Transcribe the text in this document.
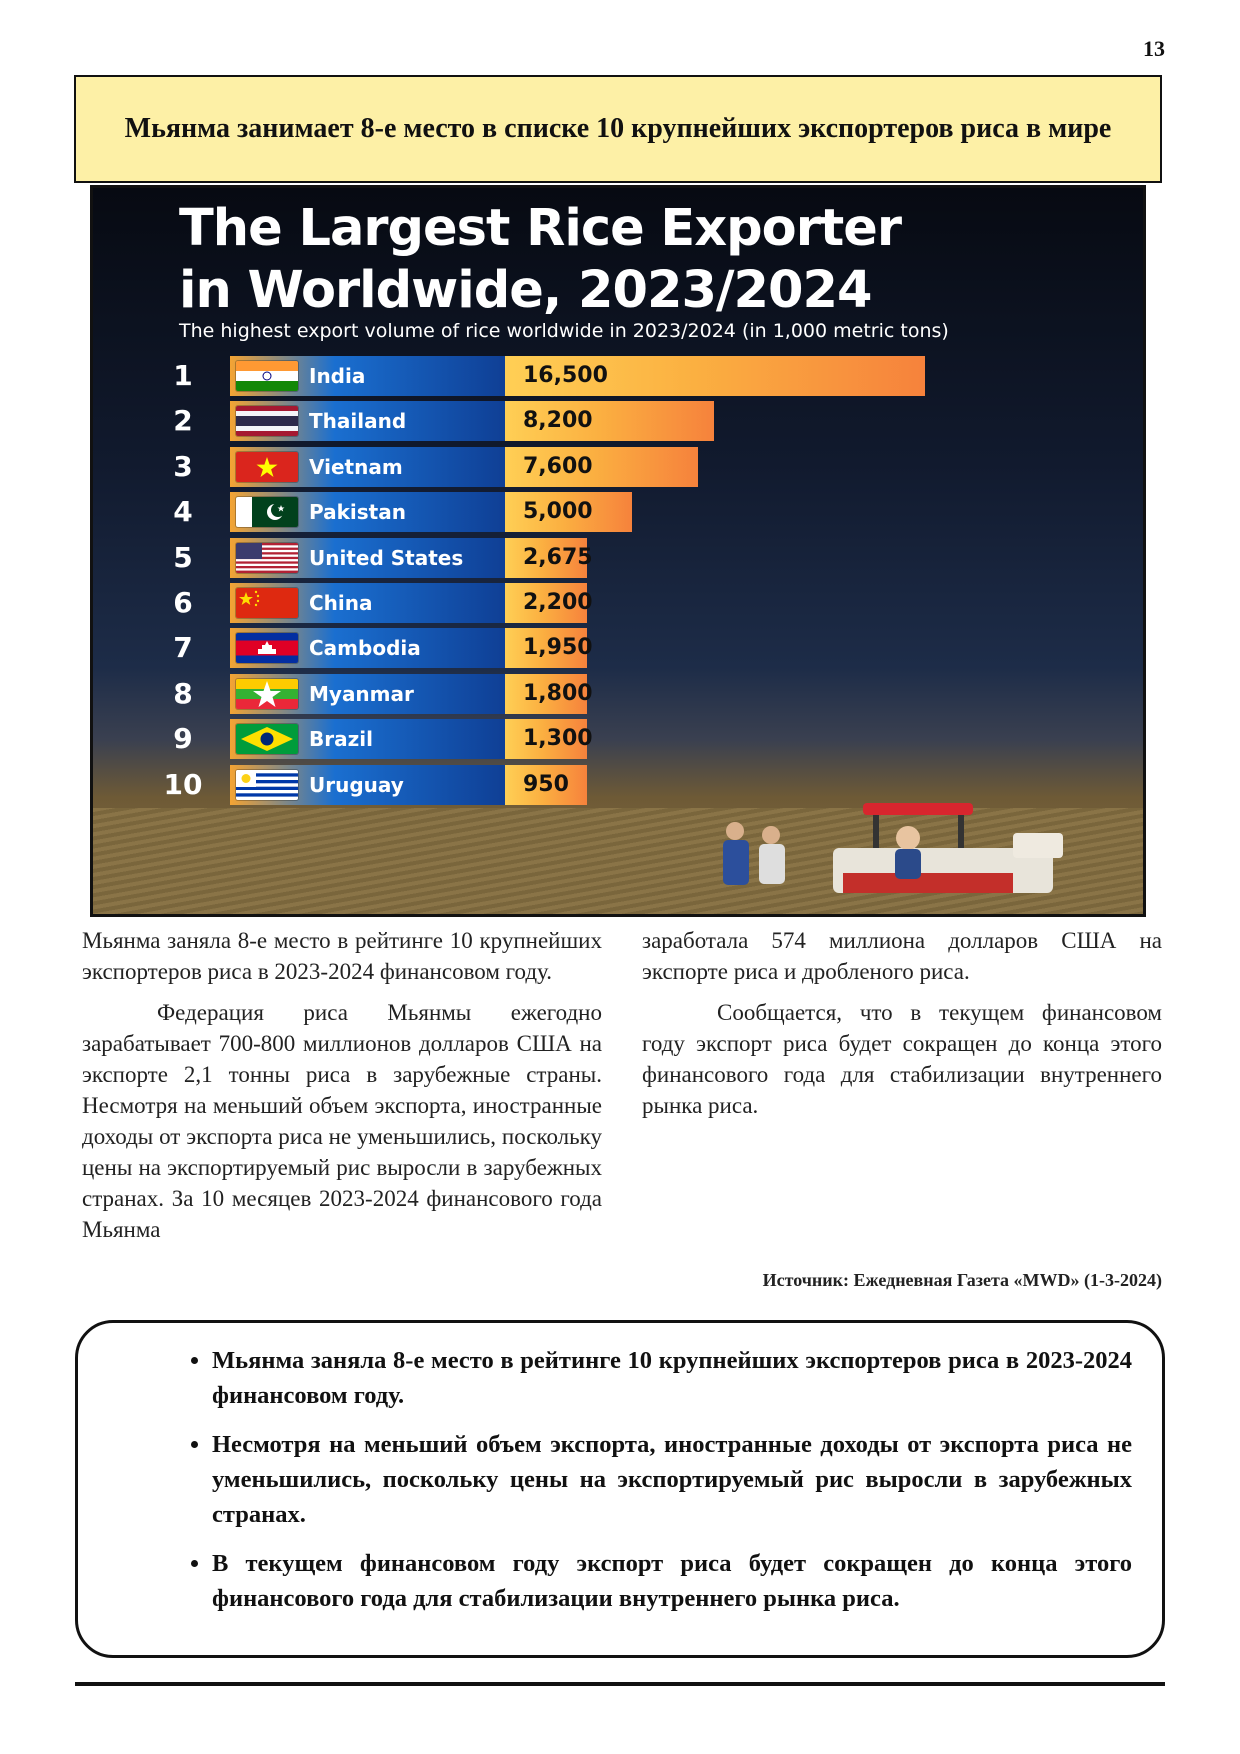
13
Мьянма занимает 8-е место в списке 10 крупнейших экспортеров риса в мире
The Largest Rice Exporter
in Worldwide, 2023/2024

The highest export volume of rice worldwide in 2023/2024 (in 1,000 metric tons)

1	India	16,500
2	Thailand	8,200
3	Vietnam	7,600
4	Pakistan	5,000
5	United States	2,675
6	China	2,200
7	Cambodia	1,950
8	Myanmar	1,800
9	Brazil	1,300
10	Uruguay	950

Мьянма заняла 8-е место в рейтинге 10 крупнейших экспортеров риса в 2023-2024 финансовом году.

Федерация риса Мьянмы ежегодно зарабатывает 700-800 миллионов долларов США на экспорте 2,1 тонны риса в зарубежные страны. Несмотря на меньший объем экспорта, иностранные доходы от экспорта риса не уменьшились, поскольку цены на экспортируемый рис выросли в зарубежных странах. За 10 месяцев 2023-2024 финансового года Мьянма

заработала 574 миллиона долларов США на экспорте риса и дробленого риса.

Сообщается, что в текущем финансовом году экспорт риса будет сокращен до конца этого финансового года для стабилизации внутреннего рынка риса.

Источник: Ежедневная Газета «MWD» (1-3-2024)
• Мьянма заняла 8-е место в рейтинге 10 крупнейших экспортеров риса в 2023-2024 финансовом году.
• Несмотря на меньший объем экспорта, иностранные доходы от экспорта риса не уменьшились, поскольку цены на экспортируемый рис выросли в зарубежных странах.
• В текущем финансовом году экспорт риса будет сокращен до конца этого финансового года для стабилизации внутреннего рынка риса.
